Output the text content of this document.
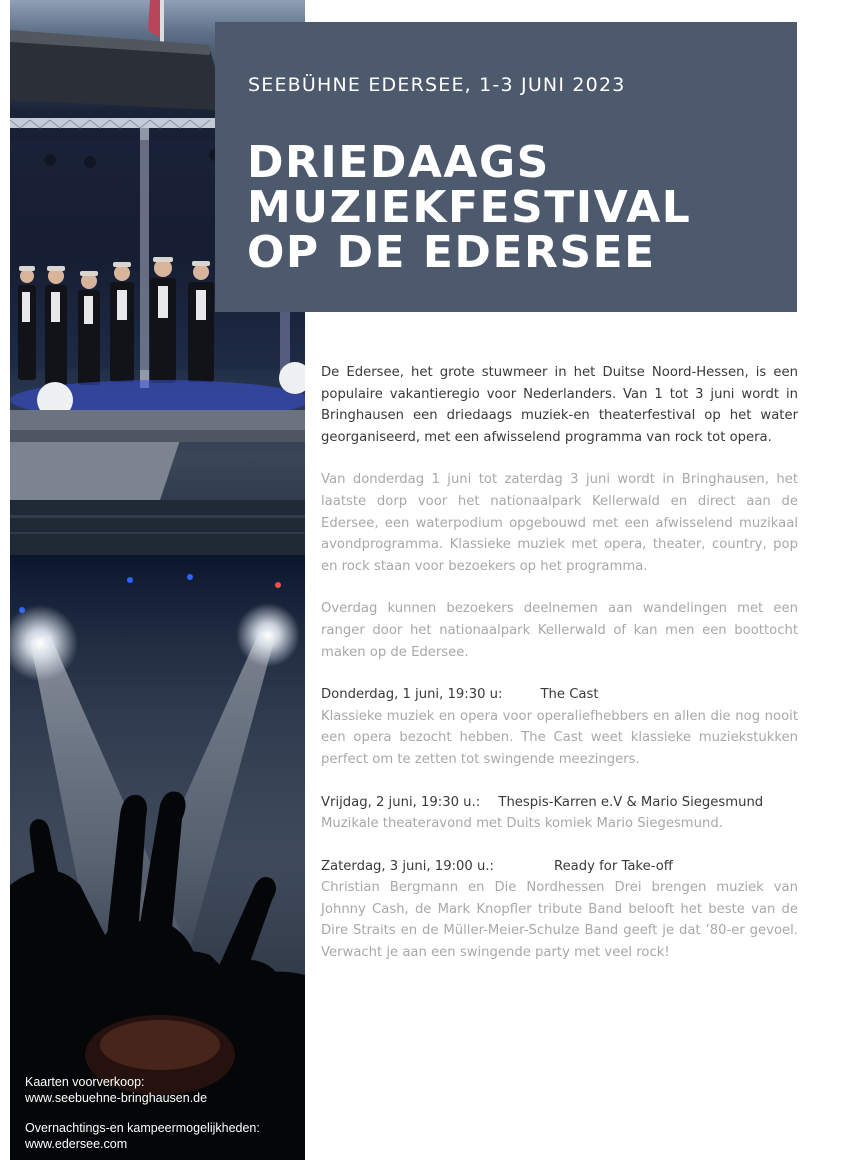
Kaarten voorverkoop:
www.seebuehne-bringhausen.de

Overnachtings-en kampeermogelijkheden:
www.edersee.com

SEEBÜHNE EDERSEE, 1-3 JUNI 2023
DRIEDAAGS
MUZIEKFESTIVAL
OP DE EDERSEE

De Edersee, het grote stuwmeer in het Duitse Noord-Hessen, is een populaire vakantieregio voor Nederlanders. Van 1 tot 3 juni wordt in Bringhausen een driedaags muziek-en theaterfestival op het water georganiseerd, met een afwisselend programma van rock tot opera.

Van donderdag 1 juni tot zaterdag 3 juni wordt in Bringhausen, het laatste dorp voor het nationaalpark Kellerwald en direct aan de Edersee, een waterpodium opgebouwd met een afwisselend muzikaal avondprogramma. Klassieke muziek met opera, theater, country, pop en rock staan voor bezoekers op het programma.

Overdag kunnen bezoekers deelnemen aan wandelingen met een ranger door het nationaalpark Kellerwald of kan men een boottocht maken op de Edersee.

Donderdag, 1 juni, 19:30 u:	The Cast

Klassieke muziek en opera voor operaliefhebbers en allen die nog nooit een opera bezocht hebben. The Cast weet klassieke muziekstukken perfect om te zetten tot swingende meezingers.

Vrijdag, 2 juni, 19:30 u.: Thespis-Karren e.V & Mario Siegesmund

Muzikale theateravond met Duits komiek Mario Siegesmund.

Zaterdag, 3 juni, 19:00 u.:	Ready for Take-off

Christian Bergmann en Die Nordhessen Drei brengen muziek van Johnny Cash, de Mark Knopfler tribute Band belooft het beste van de Dire Straits en de Müller-Meier-Schulze Band geeft je dat ’80-er gevoel. Verwacht je aan een swingende party met veel rock!
